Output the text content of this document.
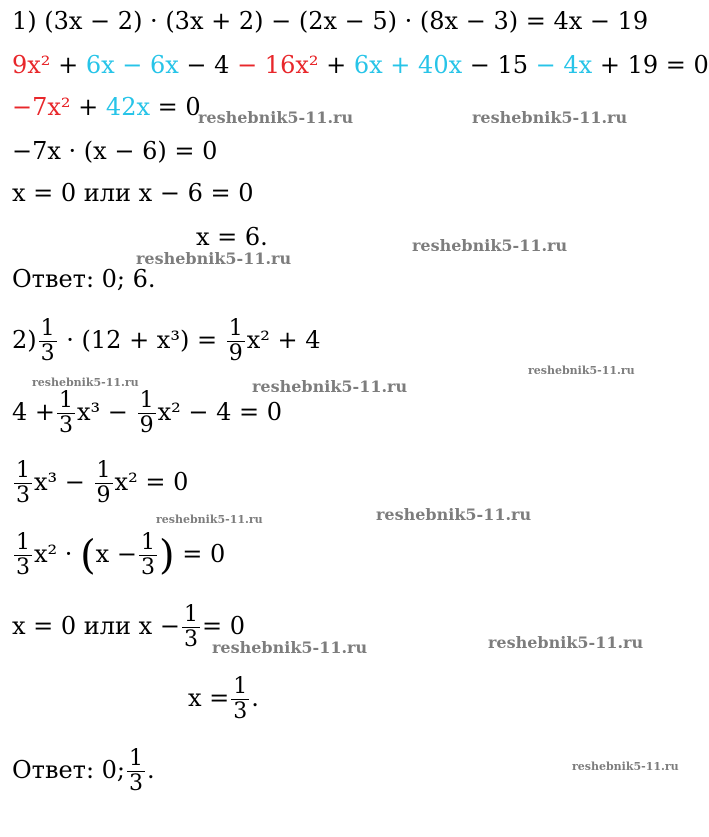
1) (3x − 2) · (3x + 2) − (2x − 5) · (8x − 3) = 4x − 19
9x² + 6x − 6x − 4 − 16x² + 6x + 40x − 15 − 4x + 19 = 0
−7x² + 42x = 0
−7x · (x − 6) = 0
x = 0 или x − 6 = 0
x = 6.
Ответ: 0; 6.
$2) \frac{1}{3} \cdot (12 + x^3) = \frac{1}{9} x^2 + 4$
$4 + \frac{1}{3} x^3 - \frac{1}{9} x^2 - 4 = 0$
$\frac{1}{3} x^3 - \frac{1}{9} x^2 = 0$
$\frac{1}{3} x^2 \cdot (x - \frac{1}{3}$ ) = 0
x = 0 или $x - \frac{1}{3} = 0$
$x = \frac{1}{3}$ .
Ответ: 0; $\frac{1}{3}$ .
reshebnik5-11.ru	reshebnik5-11.ru
reshebnik5-11.ru
reshebnik5-11.ru
reshebnik5-11.ru	reshebnik5-11.ru
reshebnik5-11.ru
reshebnik5-11.ru
reshebnik5-11.ru
reshebnik5-11.ru	reshebnik5-11.ru
reshebnik5-11.ru
